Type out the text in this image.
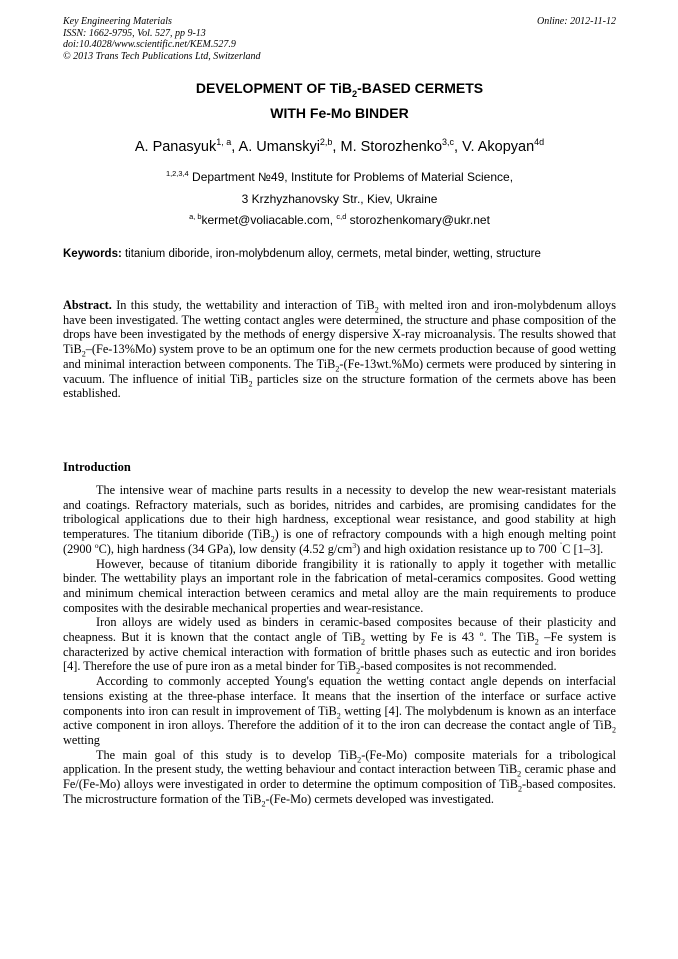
Key Engineering Materials
ISSN: 1662-9795, Vol. 527, pp 9-13
doi:10.4028/www.scientific.net/KEM.527.9
© 2013 Trans Tech Publications Ltd, Switzerland
Online: 2012-11-12
DEVELOPMENT OF TiB$_2$-BASED CERMETS
WITH Fe-Mo BINDER
A. Panasyuk$^{1, a}$, A. Umanskyi$^{2,b}$, M. Storozhenko$^{3,c}$, V. Akopyan$^{4d}$
$^{1,2,3,4}$ Department №49, Institute for Problems of Material Science,
3 Krzhyzhanovsky Str., Kiev, Ukraine
$^{a, b}$kermet@voliacable.com, $^{c,d}$ storozhenkomary@ukr.net
Keywords: titanium diboride, iron-molybdenum alloy, cermets, metal binder, wetting, structure

Abstract. In this study, the wettability and interaction of TiB$_2$ with melted iron and iron-molybdenum alloys have been investigated. The wetting contact angles were determined, the structure and phase composition of the drops have been investigated by the methods of energy dispersive X-ray microanalysis. The results showed that TiB$_2$–(Fe-13%Mo) system prove to be an optimum one for the new cermets production because of good wetting and minimal interaction between components. The TiB$_2$-(Fe-13wt.%Mo) cermets were produced by sintering in vacuum. The influence of initial TiB$_2$ particles size on the structure formation of the cermets above has been established.

Introduction

The intensive wear of machine parts results in a necessity to develop the new wear-resistant materials and coatings. Refractory materials, such as borides, nitrides and carbides, are promising candidates for the tribological applications due to their high hardness, exceptional wear resistance, and good stability at high temperatures. The titanium diboride (TiB$_2$) is one of refractory compounds with a high enough melting point (2900 $^o$C), high hardness (34 GPa), low density (4.52 $g/cm^3$) and high oxidation resistance up to 700 ˚C [1–3].

However, because of titanium diboride frangibility it is rationally to apply it together with metallic binder. The wettability plays an important role in the fabrication of metal-ceramics composites. Good wetting and minimum chemical interaction between ceramics and metal alloy are the main requirements to produce composites with the desirable mechanical properties and wear-resistance.

Iron alloys are widely used as binders in ceramic-based composites because of their plasticity and cheapness. But it is known that the contact angle of TiB$_2$ wetting by Fe is 43 $^o$. The TiB$_2$ –Fe system is characterized by active chemical interaction with formation of brittle phases such as eutectic and iron borides [4]. Therefore the use of pure iron as a metal binder for TiB$_2$-based composites is not recommended.

According to commonly accepted Young's equation the wetting contact angle depends on interfacial tensions existing at the three-phase interface. It means that the insertion of the interface or surface active components into iron can result in improvement of TiB$_2$ wetting [4]. The molybdenum is known as an interface active component in iron alloys. Therefore the addition of it to the iron can decrease the contact angle of TiB$_2$ wetting

The main goal of this study is to develop TiB$_2$-(Fe-Mo) composite materials for a tribological application. In the present study, the wetting behaviour and contact interaction between TiB$_2$ ceramic phase and Fe/(Fe-Mo) alloys were investigated in order to determine the optimum composition of TiB$_2$-based composites. The microstructure formation of the TiB$_2$-(Fe-Mo) cermets developed was investigated.
